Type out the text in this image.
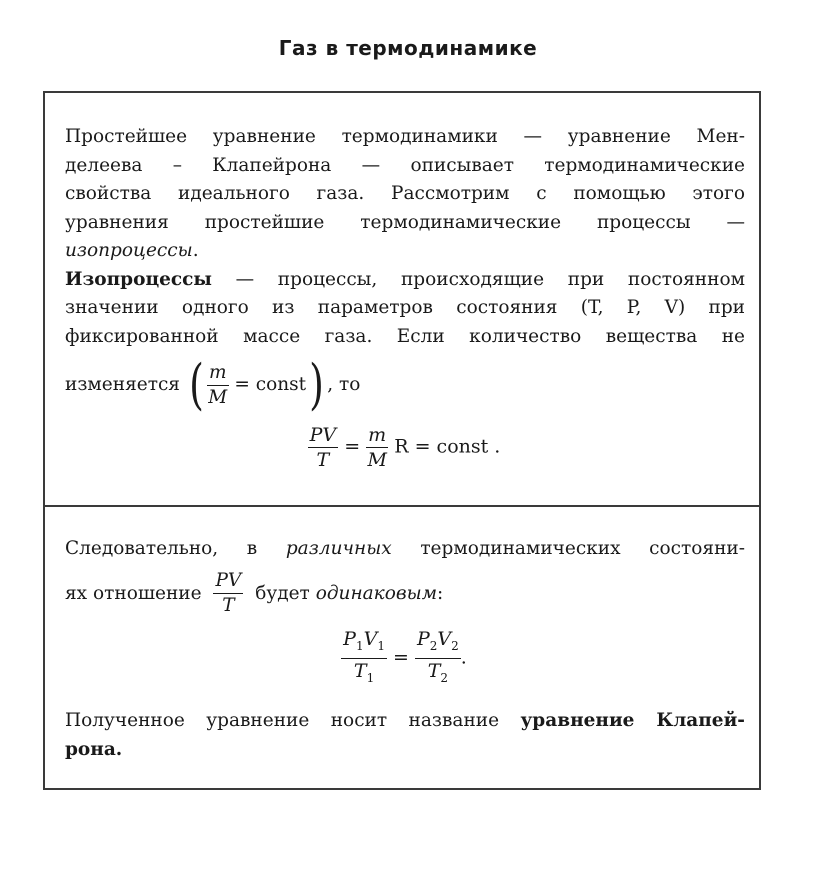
Газ в термодинамике
Простейшее уравнение термодинамики — уравнение Мен-
делеева – Клапейрона — описывает термодинамические
свойства идеального газа. Рассмотрим с помощью этого
уравнения простейшие термодинамические процессы —
изопроцессы.
Изопроцессы — процессы, происходящие при постоянном
значении одного из параметров состояния (T, P, V) при
фиксированной массе газа. Если количество вещества не
изменяется ( $\frac{m}{M}$ = const) , то
$\frac{PV}{T} = \frac{m}{M}$ R = const .
Следовательно, в различных термодинамических состояни-
ях отношение $\frac{PV}{T}$ будет одинаковым:
$\frac{P_1V_1}{T_1} = \frac{P_2V_2}{T_2}$ .
Полученное уравнение носит название уравнение Клапей-
рона.
